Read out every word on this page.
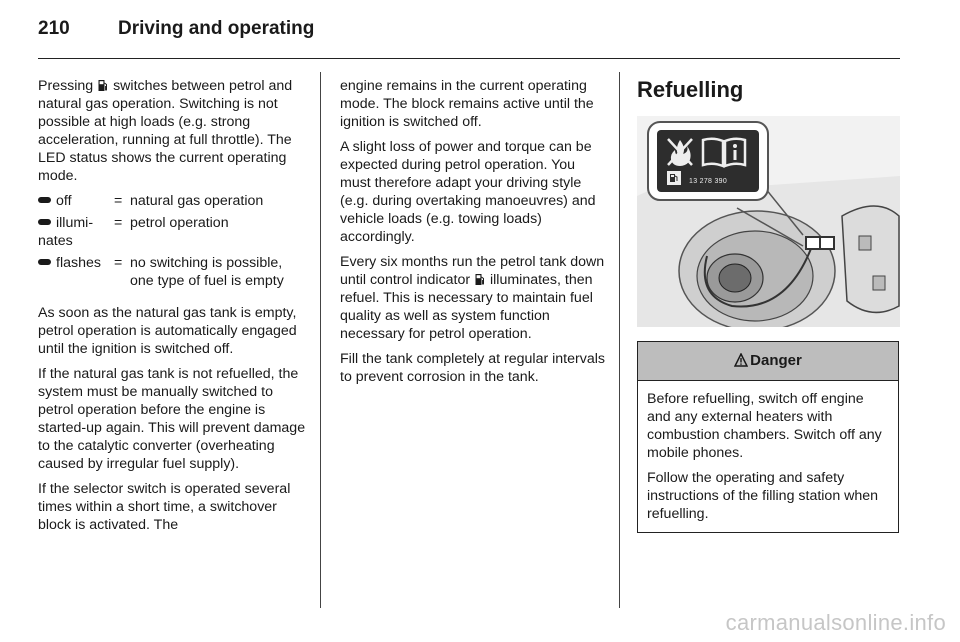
210	Driving and operating

Pressing  switches between petrol and natural gas operation. Switching is not possible at high loads (e.g. strong acceleration, running at full throttle). The LED status shows the current operating mode.

off	=	natural gas operation
illumi-nates	=	petrol operation
flashes	=	no switching is possible, one type of fuel is empty

As soon as the natural gas tank is empty, petrol operation is automatically engaged until the ignition is switched off.

If the natural gas tank is not refuelled, the system must be manually switched to petrol operation before the engine is started-up again. This will prevent damage to the catalytic converter (overheating caused by irregular fuel supply).

If the selector switch is operated several times within a short time, a switchover block is activated. The

engine remains in the current operating mode. The block remains active until the ignition is switched off.

A slight loss of power and torque can be expected during petrol operation. You must therefore adapt your driving style (e.g. during overtaking manoeuvres) and vehicle loads (e.g. towing loads) accordingly.

Every six months run the petrol tank down until control indicator  illuminates, then refuel. This is necessary to maintain fuel quality as well as system function necessary for petrol operation.

Fill the tank completely at regular intervals to prevent corrosion in the tank.

Refuelling
13 278 390
Danger

Before refuelling, switch off engine and any external heaters with combustion chambers. Switch off any mobile phones.

Follow the operating and safety instructions of the filling station when refuelling.

carmanualsonline.info
